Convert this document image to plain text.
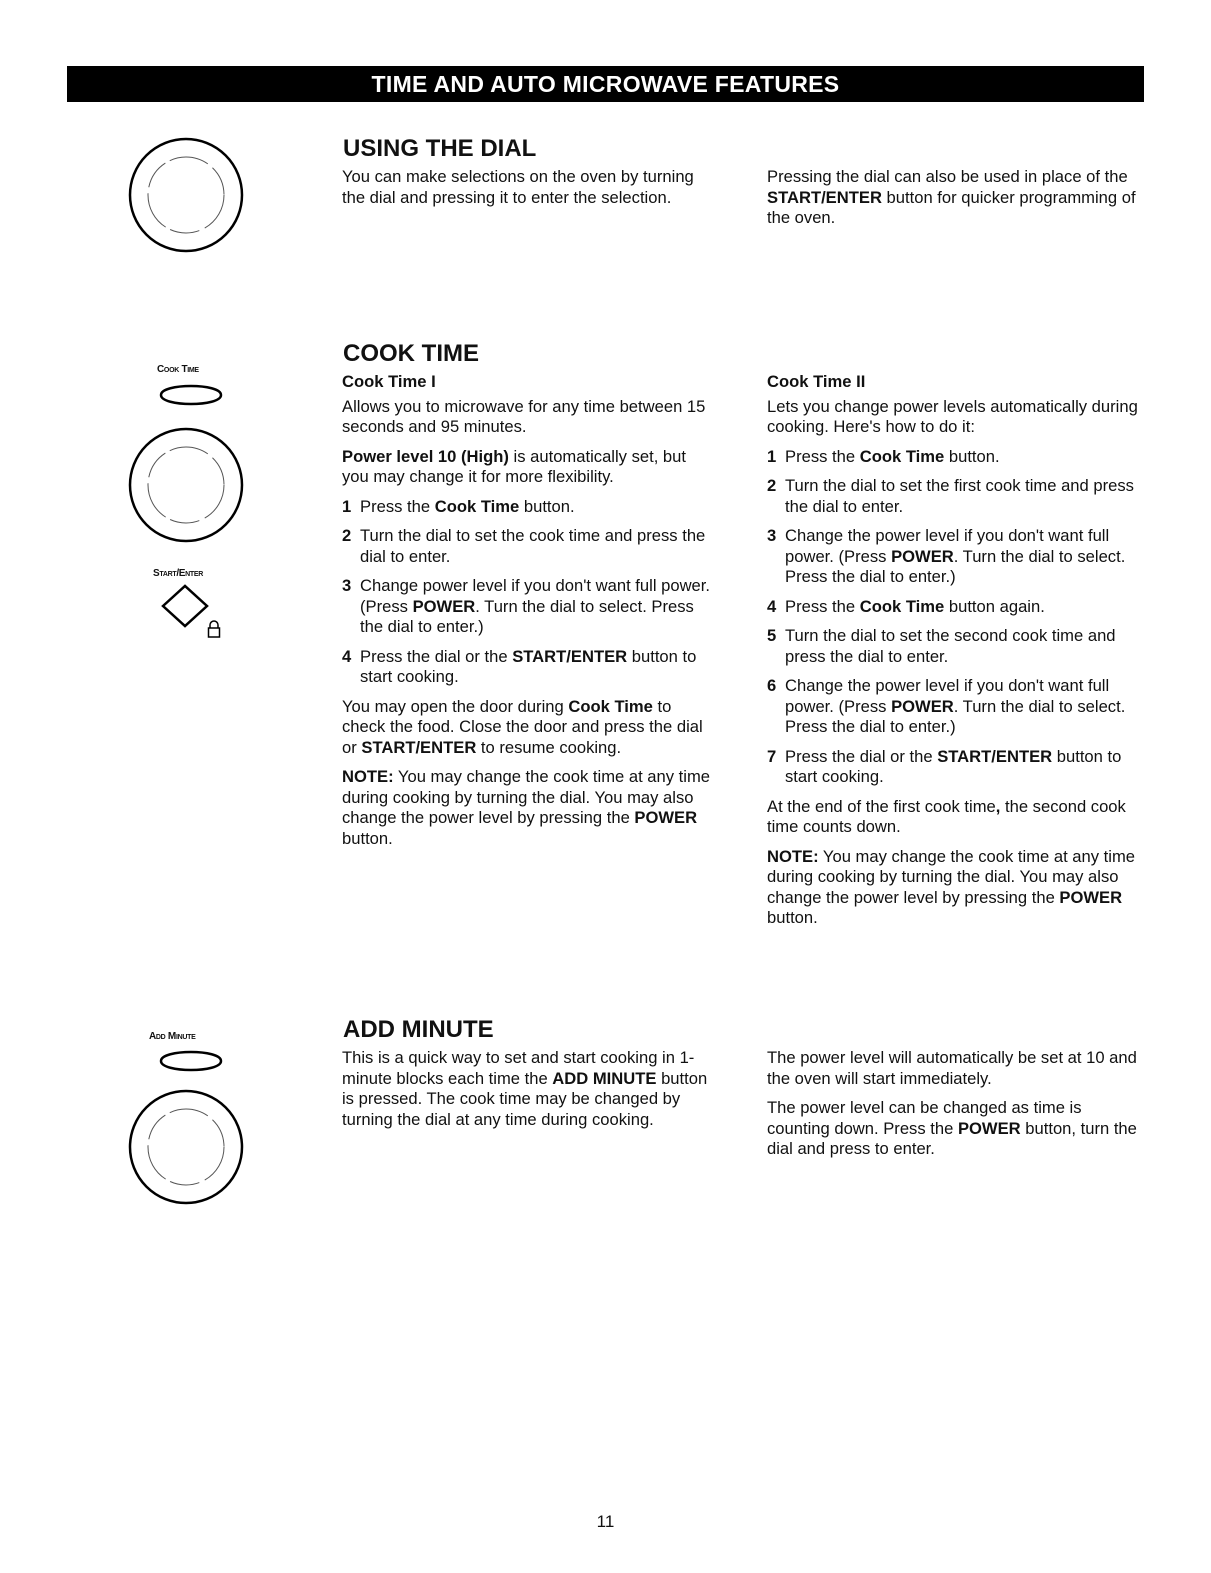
TIME AND AUTO MICROWAVE FEATURES
Cook Time
Start/Enter
Add Minute
USING THE DIAL

You can make selections on the oven by turning the dial and pressing it to enter the selection.

Pressing the dial can also be used in place of the START/ENTER button for quicker programming of the oven.

COOK TIME

Cook Time I

Allows you to microwave for any time between 15 seconds and 95 minutes.

Power level 10 (High) is automatically set, but you may change it for more flexibility.

1 Press the Cook Time button.
2 Turn the dial to set the cook time and press the dial to enter.
3 Change power level if you don't want full power. (Press POWER. Turn the dial to select. Press the dial to enter.)
4 Press the dial or the START/ENTER button to start cooking.

You may open the door during Cook Time to check the food. Close the door and press the dial or START/ENTER to resume cooking.

NOTE: You may change the cook time at any time during cooking by turning the dial. You may also change the power level by pressing the POWER button.

Cook Time II

Lets you change power levels automatically during cooking. Here's how to do it:

1 Press the Cook Time button.
2 Turn the dial to set the first cook time and press the dial to enter.
3 Change the power level if you don't want full power. (Press POWER. Turn the dial to select. Press the dial to enter.)
4 Press the Cook Time button again.
5 Turn the dial to set the second cook time and press the dial to enter.
6 Change the power level if you don't want full power. (Press POWER. Turn the dial to select. Press the dial to enter.)
7 Press the dial or the START/ENTER button to start cooking.

At the end of the first cook time, the second cook time counts down.

NOTE: You may change the cook time at any time during cooking by turning the dial. You may also change the power level by pressing the POWER button.

ADD MINUTE

This is a quick way to set and start cooking in 1-minute blocks each time the ADD MINUTE button is pressed. The cook time may be changed by turning the dial at any time during cooking.

The power level will automatically be set at 10 and the oven will start immediately.

The power level can be changed as time is counting down. Press the POWER button, turn the dial and press to enter.

11
